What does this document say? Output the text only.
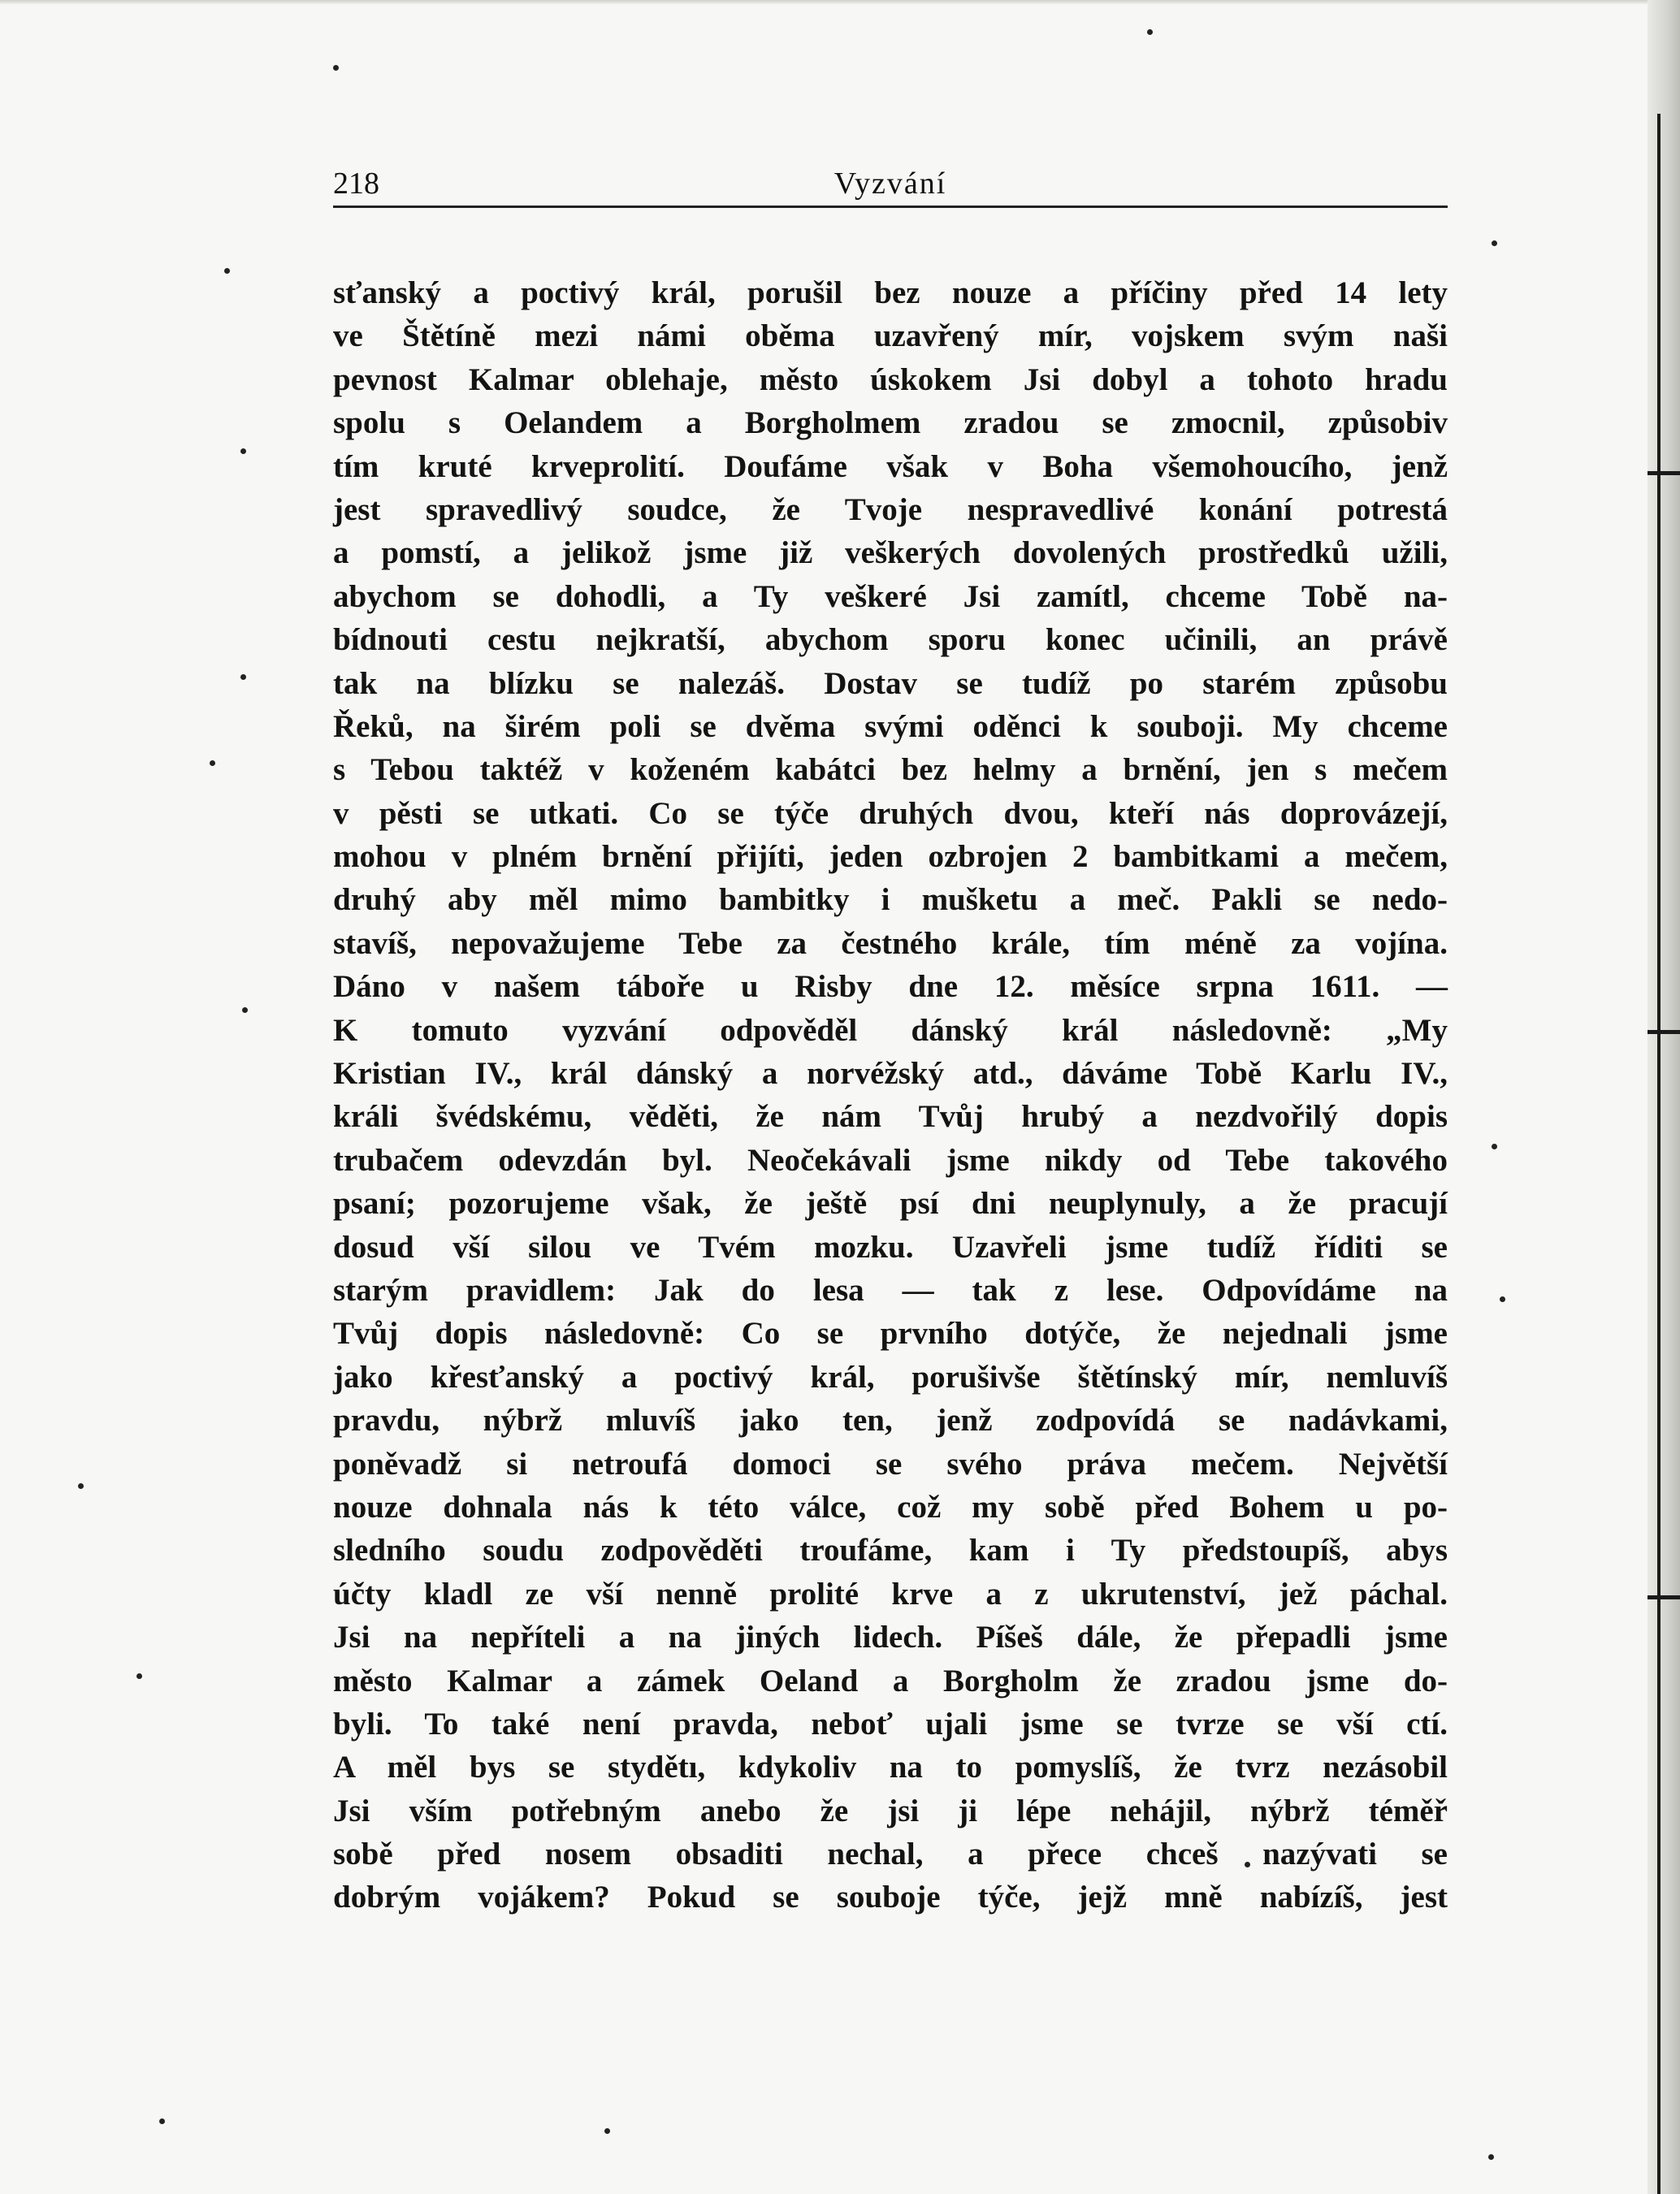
218	Vyzvání
sťanský a poctivý král, porušil bez nouze a příčiny před 14 lety
ve Štětíně mezi námi oběma uzavřený mír, vojskem svým naši
pevnost Kalmar oblehaje, město úskokem Jsi dobyl a tohoto hradu
spolu s Oelandem a Borgholmem zradou se zmocnil, způsobiv
tím kruté krveprolití. Doufáme však v Boha všemohoucího, jenž
jest spravedlivý soudce, že Tvoje nespravedlivé konání potrestá
a pomstí, a jelikož jsme již veškerých dovolených prostředků užili,
abychom se dohodli, a Ty veškeré Jsi zamítl, chceme Tobě na-
bídnouti cestu nejkratší, abychom sporu konec učinili, an právě
tak na blízku se nalezáš. Dostav se tudíž po starém způsobu
Řeků, na širém poli se dvěma svými oděnci k souboji. My chceme
s Tebou taktéž v koženém kabátci bez helmy a brnění, jen s mečem
v pěsti se utkati. Co se týče druhých dvou, kteří nás doprovázejí,
mohou v plném brnění přijíti, jeden ozbrojen 2 bambitkami a mečem,
druhý aby měl mimo bambitky i mušketu a meč. Pakli se nedo-
stavíš, nepovažujeme Tebe za čestného krále, tím méně za vojína.
Dáno v našem táboře u Risby dne 12. měsíce srpna 1611. —
K tomuto vyzvání odpověděl dánský král následovně: „My
Kristian IV., král dánský a norvéžský atd., dáváme Tobě Karlu IV.,
králi švédskému, věděti, že nám Tvůj hrubý a nezdvořilý dopis
trubačem odevzdán byl. Neočekávali jsme nikdy od Tebe takového
psaní; pozorujeme však, že ještě psí dni neuplynuly, a že pracují
dosud vší silou ve Tvém mozku. Uzavřeli jsme tudíž říditi se
starým pravidlem: Jak do lesa — tak z lese. Odpovídáme na
Tvůj dopis následovně: Co se prvního dotýče, že nejednali jsme
jako křesťanský a poctivý král, porušivše štětínský mír, nemluvíš
pravdu, nýbrž mluvíš jako ten, jenž zodpovídá se nadávkami,
poněvadž si netroufá domoci se svého práva mečem. Největší
nouze dohnala nás k této válce, což my sobě před Bohem u po-
sledního soudu zodpověděti troufáme, kam i Ty předstoupíš, abys
účty kladl ze vší nenně prolité krve a z ukrutenství, jež páchal.
Jsi na nepříteli a na jiných lidech. Píšeš dále, že přepadli jsme
město Kalmar a zámek Oeland a Borgholm že zradou jsme do-
byli. To také není pravda, neboť ujali jsme se tvrze se vší ctí.
A měl bys se stydětı, kdykoliv na to pomyslíš, že tvrz nezásobil
Jsi vším potřebným anebo že jsi ji lépe nehájil, nýbrž téměř
sobě před nosem obsaditi nechal, a přece chceš nazývati se
dobrým vojákem? Pokud se souboje týče, jejž mně nabízíš, jest
